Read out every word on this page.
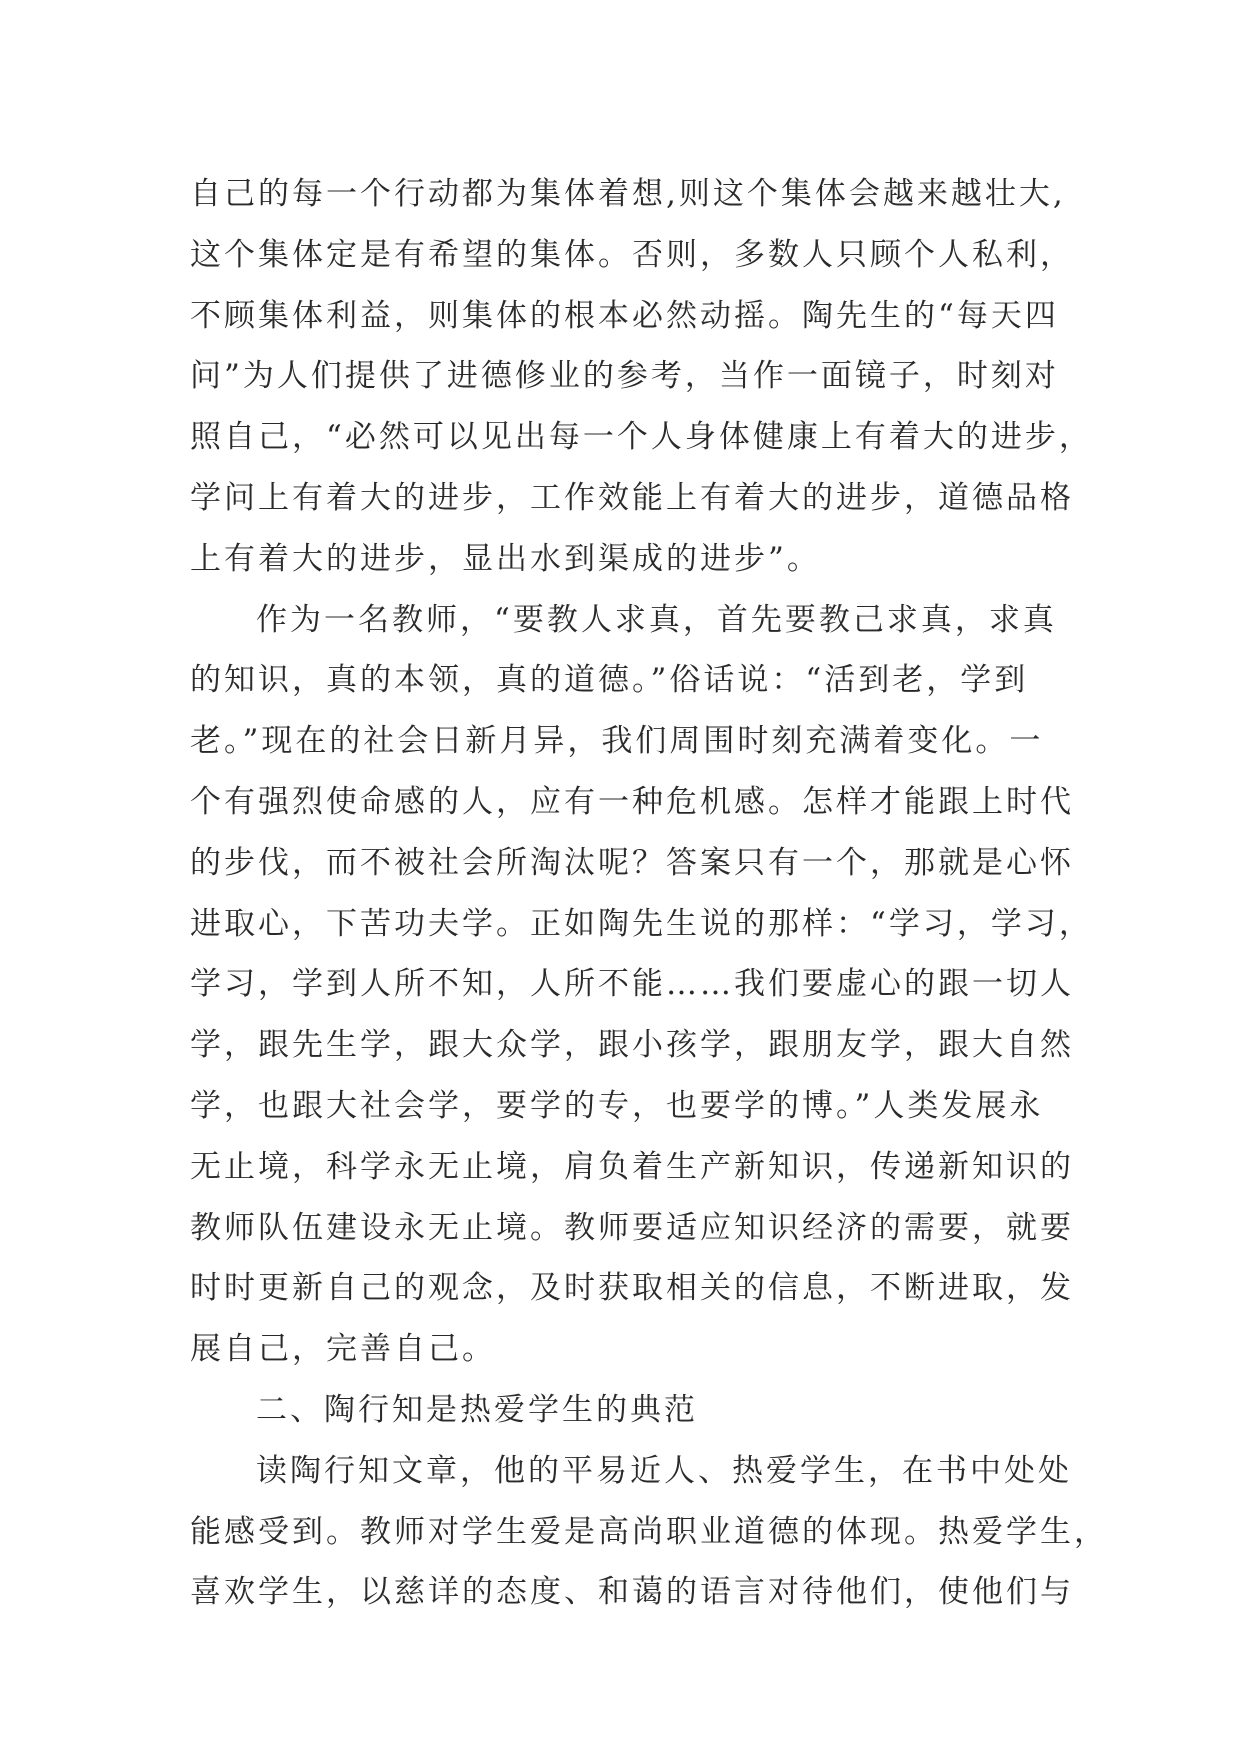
自己的每一个行动都为集体着想,则这个集体会越来越壮大,
这个集体定是有希望的集体。否则，多数人只顾个人私利，
不顾集体利益，则集体的根本必然动摇。陶先生的“每天四
问”为人们提供了进德修业的参考，当作一面镜子，时刻对
照自己，“必然可以见出每一个人身体健康上有着大的进步，
学问上有着大的进步，工作效能上有着大的进步，道德品格
上有着大的进步，显出水到渠成的进步”。
作为一名教师，“要教人求真，首先要教己求真，求真
的知识，真的本领，真的道德。”俗话说：“活到老，学到
老。”现在的社会日新月异，我们周围时刻充满着变化。一
个有强烈使命感的人，应有一种危机感。怎样才能跟上时代
的步伐，而不被社会所淘汰呢？答案只有一个，那就是心怀
进取心，下苦功夫学。正如陶先生说的那样：“学习，学习，
学习，学到人所不知，人所不能……我们要虚心的跟一切人
学，跟先生学，跟大众学，跟小孩学，跟朋友学，跟大自然
学，也跟大社会学，要学的专，也要学的博。”人类发展永
无止境，科学永无止境，肩负着生产新知识，传递新知识的
教师队伍建设永无止境。教师要适应知识经济的需要，就要
时时更新自己的观念，及时获取相关的信息，不断进取，发
展自己，完善自己。
二、陶行知是热爱学生的典范
读陶行知文章，他的平易近人、热爱学生，在书中处处
能感受到。教师对学生爱是高尚职业道德的体现。热爱学生，
喜欢学生，以慈详的态度、和蔼的语言对待他们，使他们与
